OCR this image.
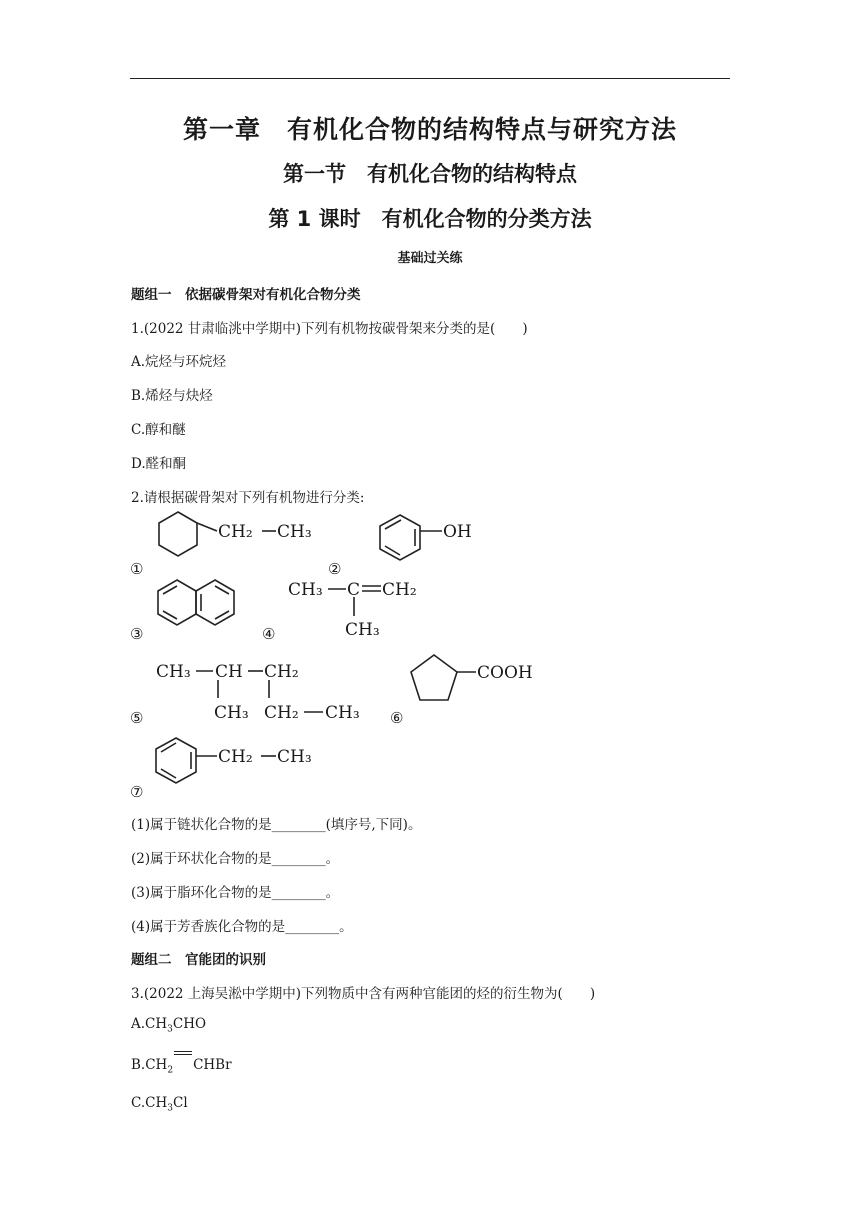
第一章　有机化合物的结构特点与研究方法
第一节　有机化合物的结构特点
第 1 课时　有机化合物的分类方法
基础过关练
题组一　依据碳骨架对有机化合物分类
1.(2022 甘肃临洮中学期中)下列有机物按碳骨架来分类的是(　　)
A.烷烃与环烷烃
B.烯烃与炔烃
C.醇和醚
D.醛和酮
2.请根据碳骨架对下列有机物进行分类:
①	②
③	④
⑤	⑥
⑦
CH₂ CH₃	OH
CH₃ C CH₂
CH₃
CH₃ CH CH₂
CH₃ CH₂ CH₃
COOH
CH₂ CH₃
(1)属于链状化合物的是________(填序号,下同)。
(2)属于环状化合物的是________。
(3)属于脂环化合物的是________。
(4)属于芳香族化合物的是________。
题组二　官能团的识别
3.(2022 上海吴淞中学期中)下列物质中含有两种官能团的烃的衍生物为(　　)
$A.CH_3CHO$
$B.CH_2$ CHBr
$C.CH_3Cl$
